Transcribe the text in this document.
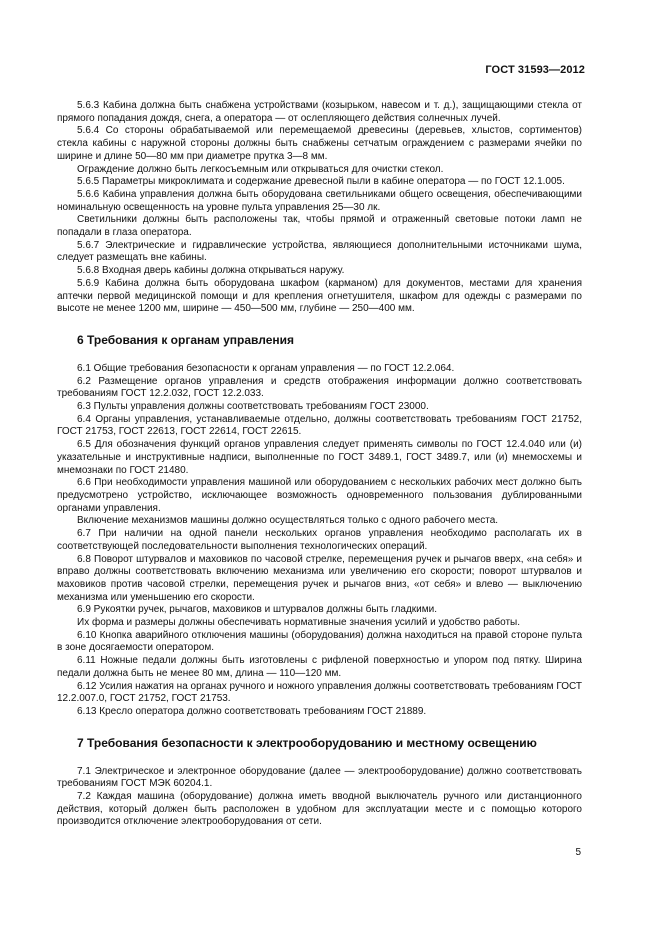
ГОСТ 31593—2012

5.6.3 Кабина должна быть снабжена устройствами (козырьком, навесом и т. д.), защищающими стекла от прямого попадания дождя, снега, а оператора — от ослепляющего действия солнечных лучей.

5.6.4 Со стороны обрабатываемой или перемещаемой древесины (деревьев, хлыстов, сортиментов) стекла кабины с наружной стороны должны быть снабжены сетчатым ограждением с размерами ячейки по ширине и длине 50—80 мм при диаметре прутка 3—8 мм.

Ограждение должно быть легкосъемным или открываться для очистки стекол.

5.6.5 Параметры микроклимата и содержание древесной пыли в кабине оператора — по ГОСТ 12.1.005.

5.6.6 Кабина управления должна быть оборудована светильниками общего освещения, обеспечивающими номинальную освещенность на уровне пульта управления 25—30 лк.

Светильники должны быть расположены так, чтобы прямой и отраженный световые потоки ламп не попадали в глаза оператора.

5.6.7 Электрические и гидравлические устройства, являющиеся дополнительными источниками шума, следует размещать вне кабины.

5.6.8 Входная дверь кабины должна открываться наружу.

5.6.9 Кабина должна быть оборудована шкафом (карманом) для документов, местами для хранения аптечки первой медицинской помощи и для крепления огнетушителя, шкафом для одежды с размерами по высоте не менее 1200 мм, ширине — 450—500 мм, глубине — 250—400 мм.

6 Требования к органам управления

6.1 Общие требования безопасности к органам управления — по ГОСТ 12.2.064.

6.2 Размещение органов управления и средств отображения информации должно соответствовать требованиям ГОСТ 12.2.032, ГОСТ 12.2.033.

6.3 Пульты управления должны соответствовать требованиям ГОСТ 23000.

6.4 Органы управления, устанавливаемые отдельно, должны соответствовать требованиям ГОСТ 21752, ГОСТ 21753, ГОСТ 22613, ГОСТ 22614, ГОСТ 22615.

6.5 Для обозначения функций органов управления следует применять символы по ГОСТ 12.4.040 или (и) указательные и инструктивные надписи, выполненные по ГОСТ 3489.1, ГОСТ 3489.7, или (и) мнемосхемы и мнемознаки по ГОСТ 21480.

6.6 При необходимости управления машиной или оборудованием с нескольких рабочих мест должно быть предусмотрено устройство, исключающее возможность одновременного пользования дублированными органами управления.

Включение механизмов машины должно осуществляться только с одного рабочего места.

6.7 При наличии на одной панели нескольких органов управления необходимо располагать их в соответствующей последовательности выполнения технологических операций.

6.8 Поворот штурвалов и маховиков по часовой стрелке, перемещения ручек и рычагов вверх, «на себя» и вправо должны соответствовать включению механизма или увеличению его скорости; поворот штурвалов и маховиков против часовой стрелки, перемещения ручек и рычагов вниз, «от себя» и влево — выключению механизма или уменьшению его скорости.

6.9 Рукоятки ручек, рычагов, маховиков и штурвалов должны быть гладкими.

Их форма и размеры должны обеспечивать нормативные значения усилий и удобство работы.

6.10 Кнопка аварийного отключения машины (оборудования) должна находиться на правой стороне пульта в зоне досягаемости оператором.

6.11 Ножные педали должны быть изготовлены с рифленой поверхностью и упором под пятку. Ширина педали должна быть не менее 80 мм, длина — 110—120 мм.

6.12 Усилия нажатия на органах ручного и ножного управления должны соответствовать требованиям ГОСТ 12.2.007.0, ГОСТ 21752, ГОСТ 21753.

6.13 Кресло оператора должно соответствовать требованиям ГОСТ 21889.

7 Требования безопасности к электрооборудованию и местному освещению

7.1 Электрическое и электронное оборудование (далее — электрооборудование) должно соответствовать требованиям ГОСТ МЭК 60204.1.

7.2 Каждая машина (оборудование) должна иметь вводной выключатель ручного или дистанционного действия, который должен быть расположен в удобном для эксплуатации месте и с помощью которого производится отключение электрооборудования от сети.

5
